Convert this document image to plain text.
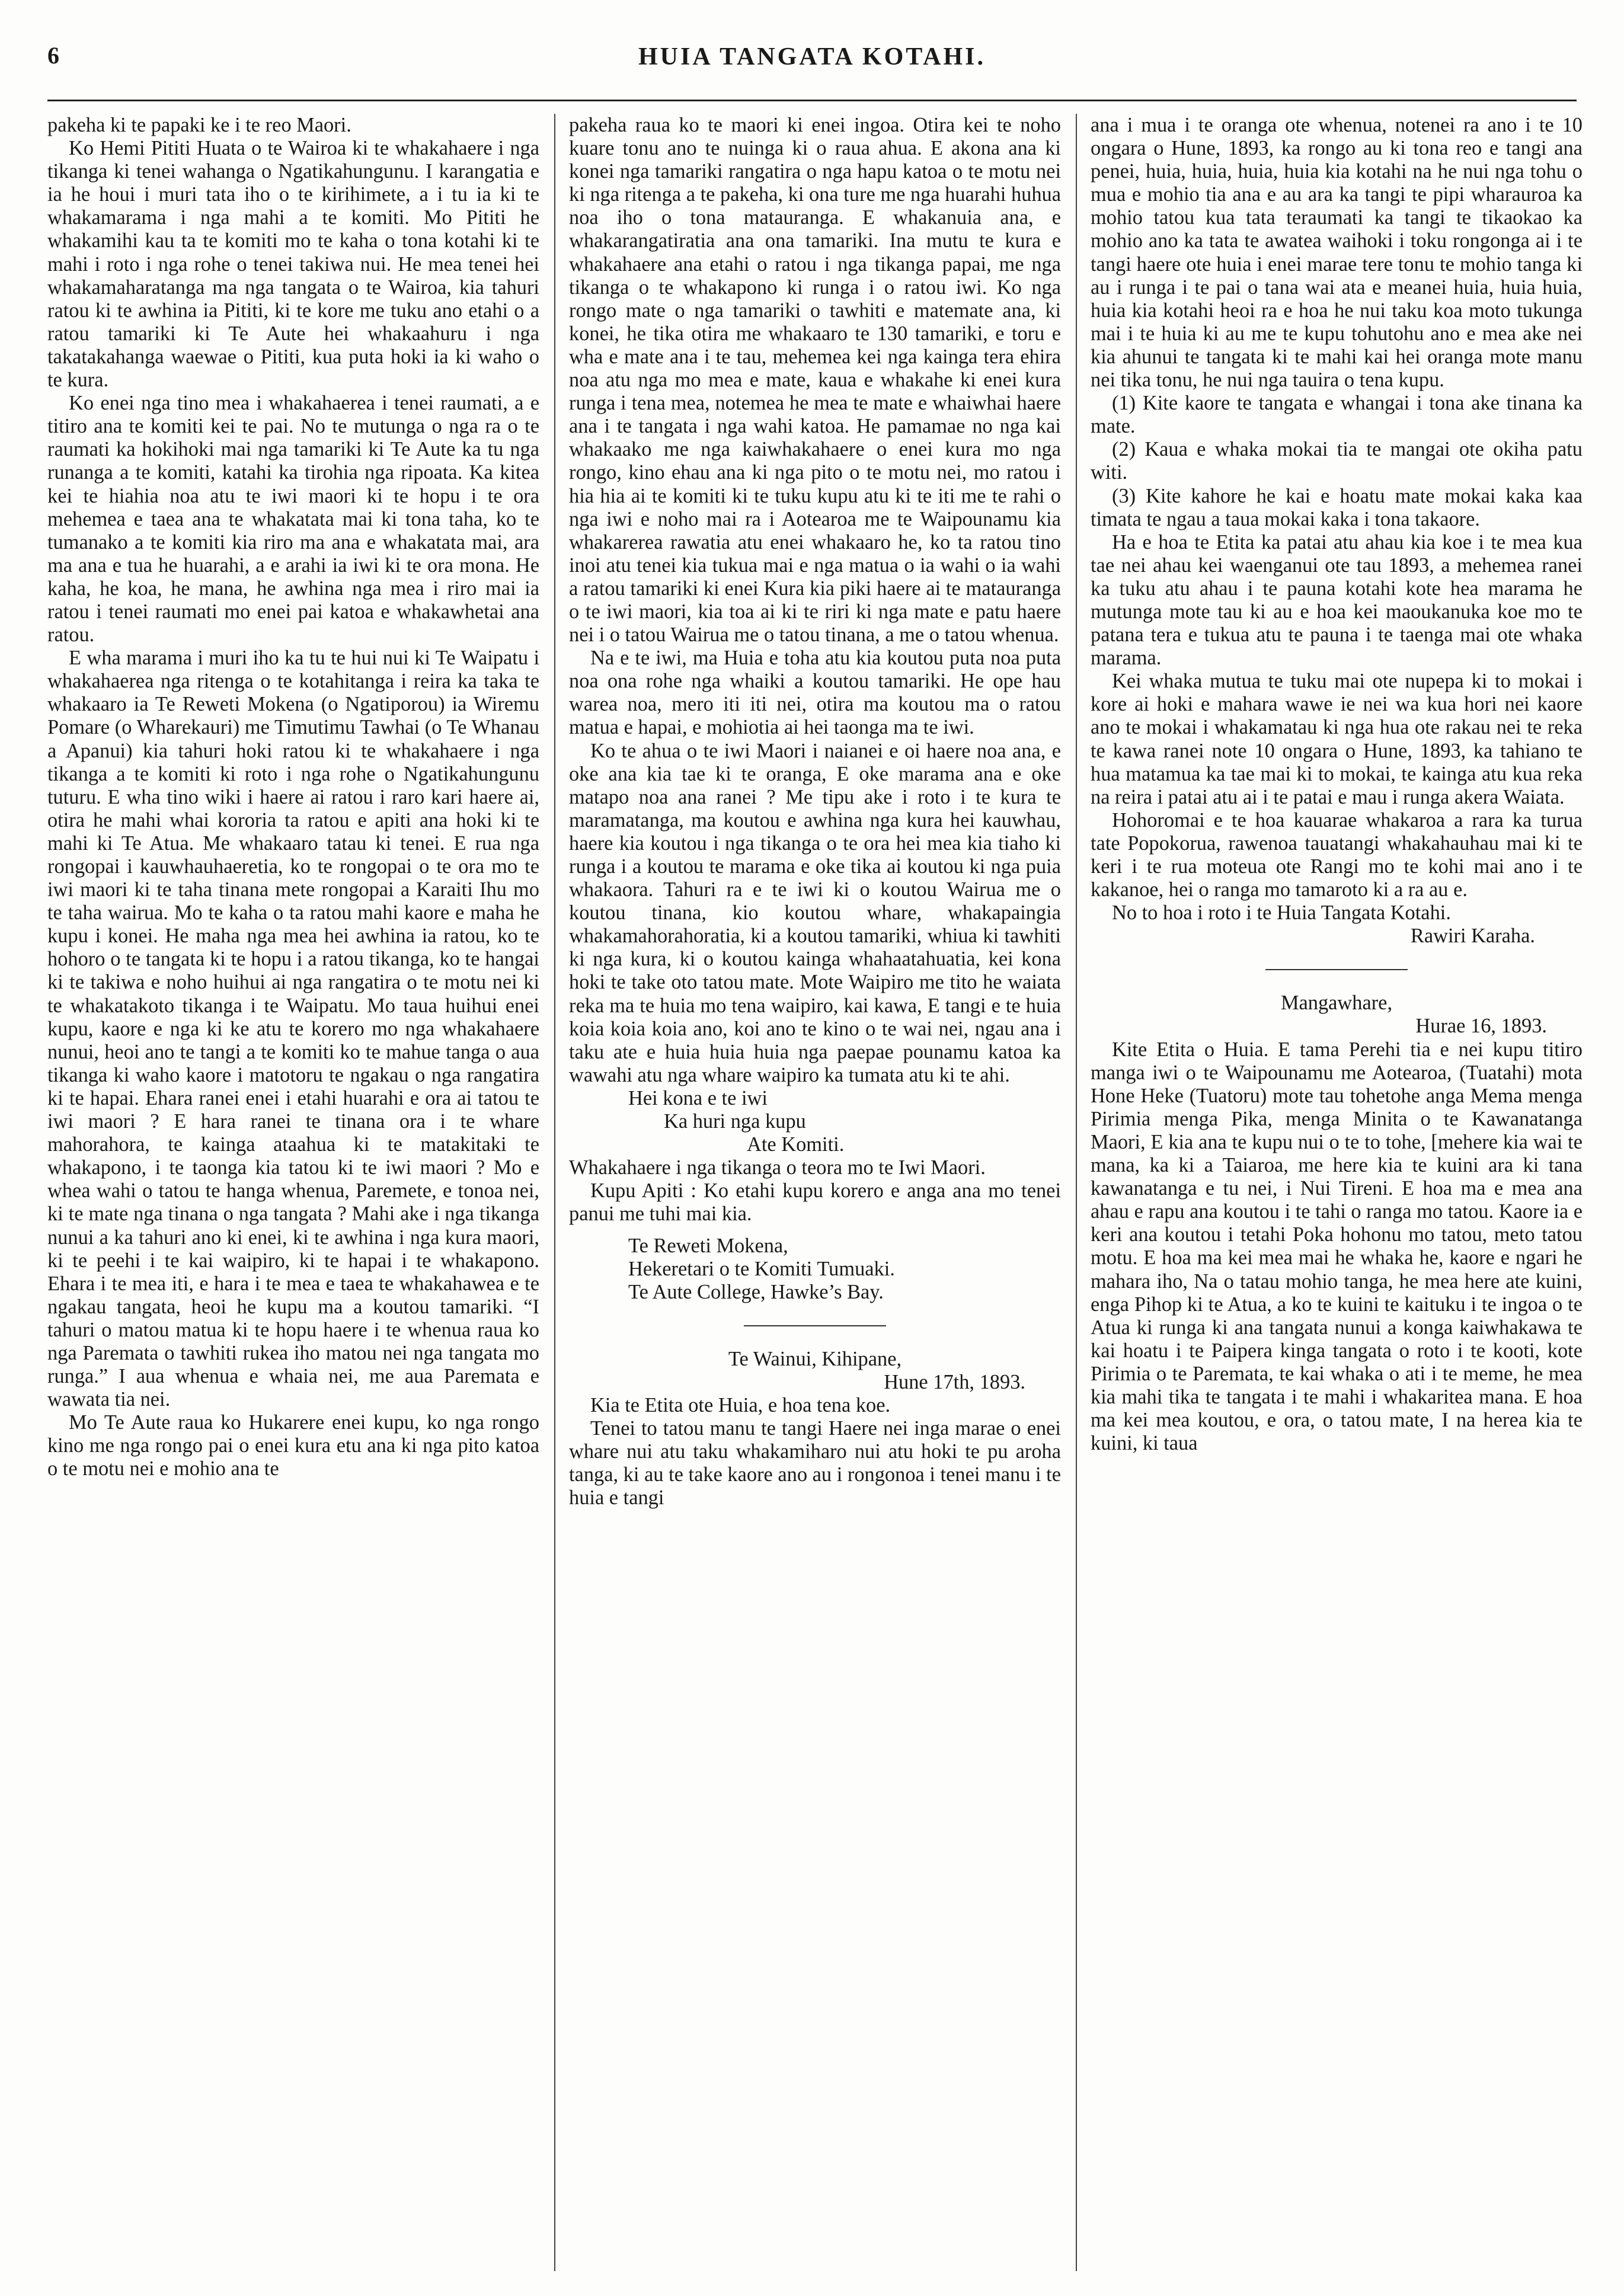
6	HUIA TANGATA KOTAHI.

pakeha ki te papaki ke i te reo Maori.

Ko Hemi Pititi Huata o te Wairoa ki te whakahaere i nga tikanga ki tenei wahanga o Ngatikahungunu. I karangatia e ia he houi i muri tata iho o te kirihimete, a i tu ia ki te whakamarama i nga mahi a te komiti. Mo Pititi he whakamihi kau ta te komiti mo te kaha o tona kotahi ki te mahi i roto i nga rohe o tenei takiwa nui. He mea tenei hei whakamaharatanga ma nga tangata o te Wairoa, kia tahuri ratou ki te awhina ia Pititi, ki te kore me tuku ano etahi o a ratou tamariki ki Te Aute hei whakaahuru i nga takatakahanga waewae o Pititi, kua puta hoki ia ki waho o te kura.

Ko enei nga tino mea i whakahaerea i tenei raumati, a e titiro ana te komiti kei te pai. No te mutunga o nga ra o te raumati ka hokihoki mai nga tamariki ki Te Aute ka tu nga runanga a te komiti, katahi ka tirohia nga ripoata. Ka kitea kei te hiahia noa atu te iwi maori ki te hopu i te ora mehemea e taea ana te whakatata mai ki tona taha, ko te tumanako a te komiti kia riro ma ana e whakatata mai, ara ma ana e tua he huarahi, a e arahi ia iwi ki te ora mona. He kaha, he koa, he mana, he awhina nga mea i riro mai ia ratou i tenei raumati mo enei pai katoa e whakawhetai ana ratou.

E wha marama i muri iho ka tu te hui nui ki Te Waipatu i whakahaerea nga ritenga o te kotahitanga i reira ka taka te whakaaro ia Te Reweti Mokena (o Ngatiporou) ia Wiremu Pomare (o Wharekauri) me Timutimu Tawhai (o Te Whanau a Apanui) kia tahuri hoki ratou ki te whakahaere i nga tikanga a te komiti ki roto i nga rohe o Ngatikahungunu tuturu. E wha tino wiki i haere ai ratou i raro kari haere ai, otira he mahi whai kororia ta ratou e apiti ana hoki ki te mahi ki Te Atua. Me whakaaro tatau ki tenei. E rua nga rongopai i kauwhauhaeretia, ko te rongopai o te ora mo te iwi maori ki te taha tinana mete rongopai a Karaiti Ihu mo te taha wairua. Mo te kaha o ta ratou mahi kaore e maha he kupu i konei. He maha nga mea hei awhina ia ratou, ko te hohoro o te tangata ki te hopu i a ratou tikanga, ko te hangai ki te takiwa e noho huihui ai nga rangatira o te motu nei ki te whakatakoto tikanga i te Waipatu. Mo taua huihui enei kupu, kaore e nga ki ke atu te korero mo nga whakahaere nunui, heoi ano te tangi a te komiti ko te mahue tanga o aua tikanga ki waho kaore i matotoru te ngakau o nga rangatira ki te hapai. Ehara ranei enei i etahi huarahi e ora ai tatou te iwi maori ? E hara ranei te tinana ora i te whare mahorahora, te kainga ataahua ki te matakitaki te whakapono, i te taonga kia tatou ki te iwi maori ? Mo e whea wahi o tatou te hanga whenua, Paremete, e tonoa nei, ki te mate nga tinana o nga tangata ? Mahi ake i nga tikanga nunui a ka tahuri ano ki enei, ki te awhina i nga kura maori, ki te peehi i te kai waipiro, ki te hapai i te whakapono. Ehara i te mea iti, e hara i te mea e taea te whakahawea e te ngakau tangata, heoi he kupu ma a koutou tamariki. “I tahuri o matou matua ki te hopu haere i te whenua raua ko nga Paremata o tawhiti rukea iho matou nei nga tangata mo runga.” I aua whenua e whaia nei, me aua Paremata e wawata tia nei.

Mo Te Aute raua ko Hukarere enei kupu, ko nga rongo kino me nga rongo pai o enei kura etu ana ki nga pito katoa o te motu nei e mohio ana te

pakeha raua ko te maori ki enei ingoa. Otira kei te noho kuare tonu ano te nuinga ki o raua ahua. E akona ana ki konei nga tamariki rangatira o nga hapu katoa o te motu nei ki nga ritenga a te pakeha, ki ona ture me nga huarahi huhua noa iho o tona matauranga. E whakanuia ana, e whakarangatiratia ana ona tamariki. Ina mutu te kura e whakahaere ana etahi o ratou i nga tikanga papai, me nga tikanga o te whakapono ki runga i o ratou iwi. Ko nga rongo mate o nga tamariki o tawhiti e matemate ana, ki konei, he tika otira me whakaaro te 130 tamariki, e toru e wha e mate ana i te tau, mehemea kei nga kainga tera ehira noa atu nga mo mea e mate, kaua e whakahe ki enei kura runga i tena mea, notemea he mea te mate e whaiwhai haere ana i te tangata i nga wahi katoa. He pamamae no nga kai whakaako me nga kaiwhakahaere o enei kura mo nga rongo, kino ehau ana ki nga pito o te motu nei, mo ratou i hia hia ai te komiti ki te tuku kupu atu ki te iti me te rahi o nga iwi e noho mai ra i Aotearoa me te Waipounamu kia whakarerea rawatia atu enei whakaaro he, ko ta ratou tino inoi atu tenei kia tukua mai e nga matua o ia wahi o ia wahi a ratou tamariki ki enei Kura kia piki haere ai te matauranga o te iwi maori, kia toa ai ki te riri ki nga mate e patu haere nei i o tatou Wairua me o tatou tinana, a me o tatou whenua.

Na e te iwi, ma Huia e toha atu kia koutou puta noa puta noa ona rohe nga whaiki a koutou tamariki. He ope hau warea noa, mero iti iti nei, otira ma koutou ma o ratou matua e hapai, e mohiotia ai hei taonga ma te iwi.

Ko te ahua o te iwi Maori i naianei e oi haere noa ana, e oke ana kia tae ki te oranga, E oke marama ana e oke matapo noa ana ranei ? Me tipu ake i roto i te kura te maramatanga, ma koutou e awhina nga kura hei kauwhau, haere kia koutou i nga tikanga o te ora hei mea kia tiaho ki runga i a koutou te marama e oke tika ai koutou ki nga puia whakaora. Tahuri ra e te iwi ki o koutou Wairua me o koutou tinana, kio koutou whare, whakapaingia whakamahorahoratia, ki a koutou tamariki, whiua ki tawhiti ki nga kura, ki o koutou kainga whahaatahuatia, kei kona hoki te take oto tatou mate. Mote Waipiro me tito he waiata reka ma te huia mo tena waipiro, kai kawa, E tangi e te huia koia koia koia ano, koi ano te kino o te wai nei, ngau ana i taku ate e huia huia huia nga paepae pounamu katoa ka wawahi atu nga whare waipiro ka tumata atu ki te ahi.

Hei kona e te iwi

Ka huri nga kupu

Ate Komiti.

Whakahaere i nga tikanga o teora mo te Iwi Maori.

Kupu Apiti : Ko etahi kupu korero e anga ana mo tenei panui me tuhi mai kia.

Te Reweti Mokena,

Hekeretari o te Komiti Tumuaki.

Te Aute College, Hawke’s Bay.

Te Wainui, Kihipane,

Hune 17th, 1893.

Kia te Etita ote Huia, e hoa tena koe.

Tenei to tatou manu te tangi Haere nei inga marae o enei whare nui atu taku whakamiharo nui atu hoki te pu aroha tanga, ki au te take kaore ano au i rongonoa i tenei manu i te huia e tangi

ana i mua i te oranga ote whenua, notenei ra ano i te 10 ongara o Hune, 1893, ka rongo au ki tona reo e tangi ana penei, huia, huia, huia, huia kia kotahi na he nui nga tohu o mua e mohio tia ana e au ara ka tangi te pipi wharauroa ka mohio tatou kua tata teraumati ka tangi te tikaokao ka mohio ano ka tata te awatea waihoki i toku rongonga ai i te tangi haere ote huia i enei marae tere tonu te mohio tanga ki au i runga i te pai o tana wai ata e meanei huia, huia huia, huia kia kotahi heoi ra e hoa he nui taku koa moto tukunga mai i te huia ki au me te kupu tohutohu ano e mea ake nei kia ahunui te tangata ki te mahi kai hei oranga mote manu nei tika tonu, he nui nga tauira o tena kupu.

(1) Kite kaore te tangata e whangai i tona ake tinana ka mate.

(2) Kaua e whaka mokai tia te mangai ote okiha patu witi.

(3) Kite kahore he kai e hoatu mate mokai kaka kaa timata te ngau a taua mokai kaka i tona takaore.

Ha e hoa te Etita ka patai atu ahau kia koe i te mea kua tae nei ahau kei waenganui ote tau 1893, a mehemea ranei ka tuku atu ahau i te pauna kotahi kote hea marama he mutunga mote tau ki au e hoa kei maoukanuka koe mo te patana tera e tukua atu te pauna i te taenga mai ote whaka marama.

Kei whaka mutua te tuku mai ote nupepa ki to mokai i kore ai hoki e mahara wawe ie nei wa kua hori nei kaore ano te mokai i whakamatau ki nga hua ote rakau nei te reka te kawa ranei note 10 ongara o Hune, 1893, ka tahiano te hua matamua ka tae mai ki to mokai, te kainga atu kua reka na reira i patai atu ai i te patai e mau i runga akera Waiata.

Hohoromai e te hoa kauarae whakaroa a rara ka turua tate Popokorua, rawenoa tauatangi whakahauhau mai ki te keri i te rua moteua ote Rangi mo te kohi mai ano i te kakanoe, hei o ranga mo tamaroto ki a ra au e.

No to hoa i roto i te Huia Tangata Kotahi.

Rawiri Karaha.

Mangawhare,

Hurae 16, 1893.

Kite Etita o Huia. E tama Perehi tia e nei kupu titiro manga iwi o te Waipounamu me Aotearoa, (Tuatahi) mota Hone Heke (Tuatoru) mote tau tohetohe anga Mema menga Pirimia menga Pika, menga Minita o te Kawanatanga Maori, E kia ana te kupu nui o te to tohe, [mehere kia wai te mana, ka ki a Taiaroa, me here kia te kuini ara ki tana kawanatanga e tu nei, i Nui Tireni. E hoa ma e mea ana ahau e rapu ana koutou i te tahi o ranga mo tatou. Kaore ia e keri ana koutou i tetahi Poka hohonu mo tatou, meto tatou motu. E hoa ma kei mea mai he whaka he, kaore e ngari he mahara iho, Na o tatau mohio tanga, he mea here ate kuini, enga Pihop ki te Atua, a ko te kuini te kaituku i te ingoa o te Atua ki runga ki ana tangata nunui a konga kaiwhakawa te kai hoatu i te Paipera kinga tangata o roto i te kooti, kote Pirimia o te Paremata, te kai whaka o ati i te meme, he mea kia mahi tika te tangata i te mahi i whakaritea mana. E hoa ma kei mea koutou, e ora, o tatou mate, I na herea kia te kuini, ki taua
